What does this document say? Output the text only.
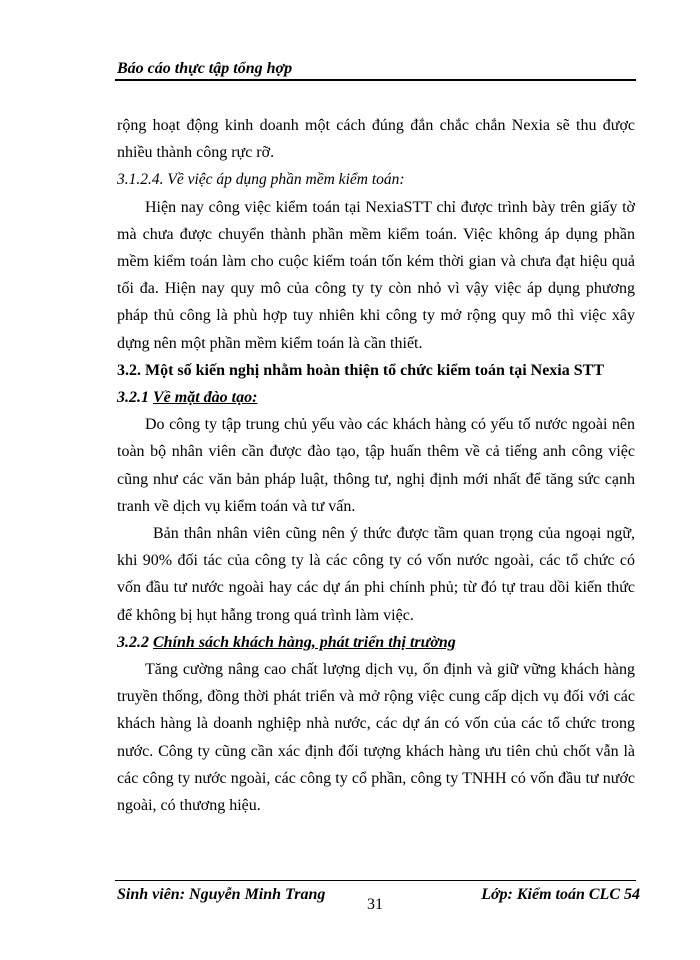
Báo cáo thực tập tổng hợp

rộng hoạt động kinh doanh một cách đúng đắn chắc chắn Nexia sẽ thu được nhiều thành công rực rỡ.

3.1.2.4. Về việc áp dụng phần mềm kiểm toán:

Hiện nay công việc kiểm toán tại NexiaSTT chỉ được trình bày trên giấy tờ mà chưa được chuyển thành phần mềm kiểm toán. Việc không áp dụng phần mềm kiểm toán làm cho cuộc kiểm toán tốn kém thời gian và chưa đạt hiệu quả tối đa. Hiện nay quy mô của công ty ty còn nhỏ vì vậy việc áp dụng phương pháp thủ công là phù hợp tuy nhiên khi công ty mở rộng quy mô thì việc xây dựng nên một phần mềm kiểm toán là cần thiết.

3.2. Một số kiến nghị nhằm hoàn thiện tổ chức kiểm toán tại Nexia STT

3.2.1 Về mặt đào tạo:

Do công ty tập trung chủ yếu vào các khách hàng có yếu tố nước ngoài nên toàn bộ nhân viên cần được đào tạo, tập huấn thêm về cả tiếng anh công việc cũng như các văn bản pháp luật, thông tư, nghị định mới nhất để tăng sức cạnh tranh về dịch vụ kiểm toán và tư vấn.

Bản thân nhân viên cũng nên ý thức được tầm quan trọng của ngoại ngữ, khi 90% đối tác của công ty là các công ty có vốn nước ngoài, các tổ chức có vốn đầu tư nước ngoài hay các dự án phi chính phủ; từ đó tự trau dồi kiến thức để không bị hụt hẫng trong quá trình làm việc.

3.2.2 Chính sách khách hàng, phát triển thị trường

Tăng cường nâng cao chất lượng dịch vụ, ổn định và giữ vững khách hàng truyền thống, đồng thời phát triển và mở rộng việc cung cấp dịch vụ đối với các khách hàng là doanh nghiệp nhà nước, các dự án có vốn của các tổ chức trong nước. Công ty cũng cần xác định đối tượng khách hàng ưu tiên chủ chốt vẫn là các công ty nước ngoài, các công ty cổ phần, công ty TNHH có vốn đầu tư nước ngoài, có thương hiệu.

Sinh viên: Nguyễn Minh Trang
31
Lớp: Kiểm toán CLC 54
